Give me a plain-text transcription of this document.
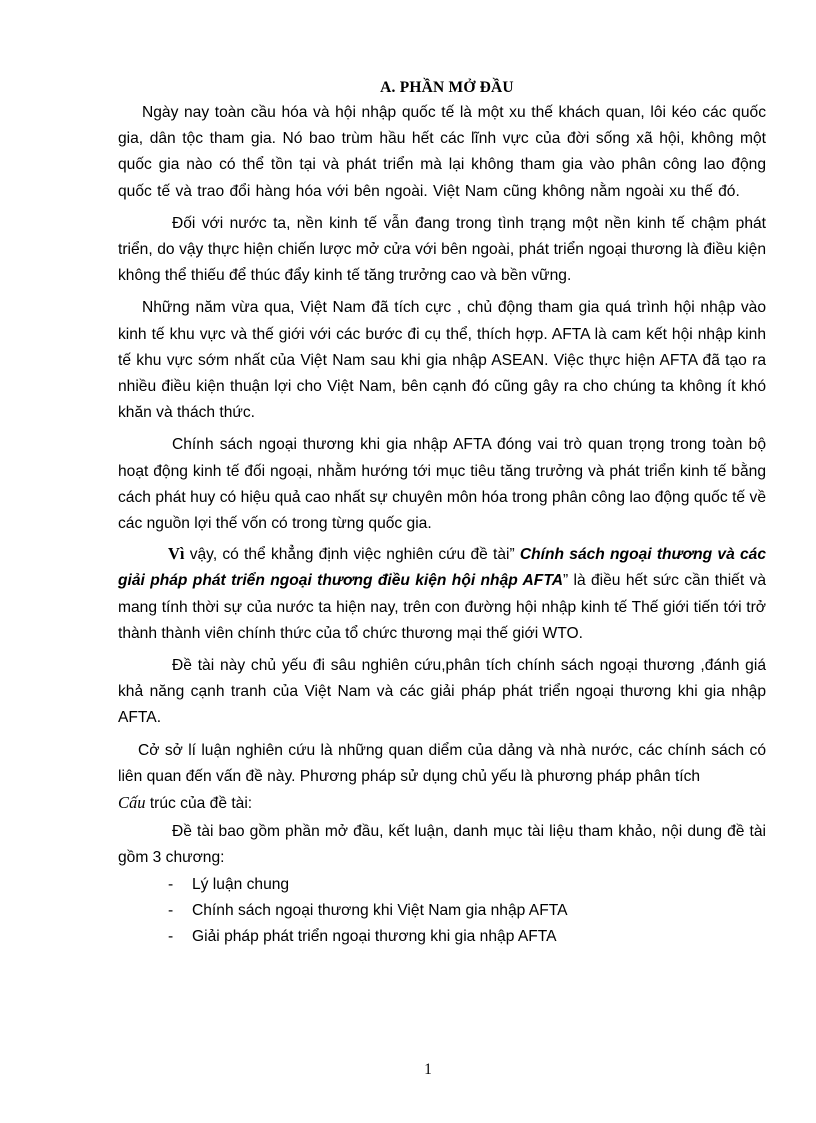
A. PHẦN MỞ ĐẦU

Ngày nay toàn cầu hóa và hội nhập quốc tế là một xu thế khách quan, lôi kéo các quốc gia, dân tộc tham gia. Nó bao trùm hầu hết các lĩnh vực của đời sống xã hội, không một quốc gia nào có thể tồn tại và phát triển mà lại không tham gia vào phân công lao động quốc tế và trao đổi hàng hóa với bên ngoài. Việt Nam cũng không nằm ngoài xu thế đó.

Đối với nước ta, nền kinh tế vẫn đang trong tình trạng một nền kinh tế chậm phát triển, do vậy thực hiện chiến lược mở cửa với bên ngoài, phát triển ngoại thương là điều kiện không thể thiếu để thúc đẩy kinh tế tăng trưởng cao và bền vững.

Những năm vừa qua, Việt Nam đã tích cực , chủ động tham gia quá trình hội nhập vào kinh tế khu vực và thế giới với các bước đi cụ thể, thích hợp. AFTA là cam kết hội nhập kinh tế khu vực sớm nhất của Việt Nam sau khi gia nhập ASEAN. Việc thực hiện AFTA đã tạo ra nhiều điều kiện thuận lợi cho Việt Nam, bên cạnh đó cũng gây ra cho chúng ta không ít khó khăn và thách thức.

Chính sách ngoại thương khi gia nhập AFTA đóng vai trò quan trọng trong toàn bộ hoạt động kinh tế đối ngoại, nhằm hướng tới mục tiêu tăng trưởng và phát triển kinh tế bằng cách phát huy có hiệu quả cao nhất sự chuyên môn hóa trong phân công lao động quốc tế về các nguồn lợi thế vốn có trong từng quốc gia.

Vì vậy, có thể khẳng định việc nghiên cứu đề tài” Chính sách ngoại thương và các giải pháp phát triển ngoại thương điều kiện hội nhập AFTA” là điều hết sức cần thiết và mang tính thời sự của nước ta hiện nay, trên con đường hội nhập kinh tế Thế giới tiến tới trở thành thành viên chính thức của tổ chức thương mại thế giới WTO.

Đề tài này chủ yếu đi sâu nghiên cứu,phân tích chính sách ngoại thương ,đánh giá khả năng cạnh tranh của Việt Nam và các giải pháp phát triển ngoại thương khi gia nhập AFTA.

Cở sở lí luận nghiên cứu là những quan diểm của dảng và nhà nước, các chính sách có liên quan đến vấn đề này. Phương pháp sử dụng chủ yếu là phương pháp phân tích

Cấu trúc của đề tài:

Đề tài bao gồm phần mở đầu, kết luận, danh mục tài liệu tham khảo, nội dung đề tài gồm 3 chương:

- Lý luận chung
- Chính sách ngoại thương khi Việt Nam gia nhập AFTA
- Giải pháp phát triển ngoại thương khi gia nhập AFTA
1
